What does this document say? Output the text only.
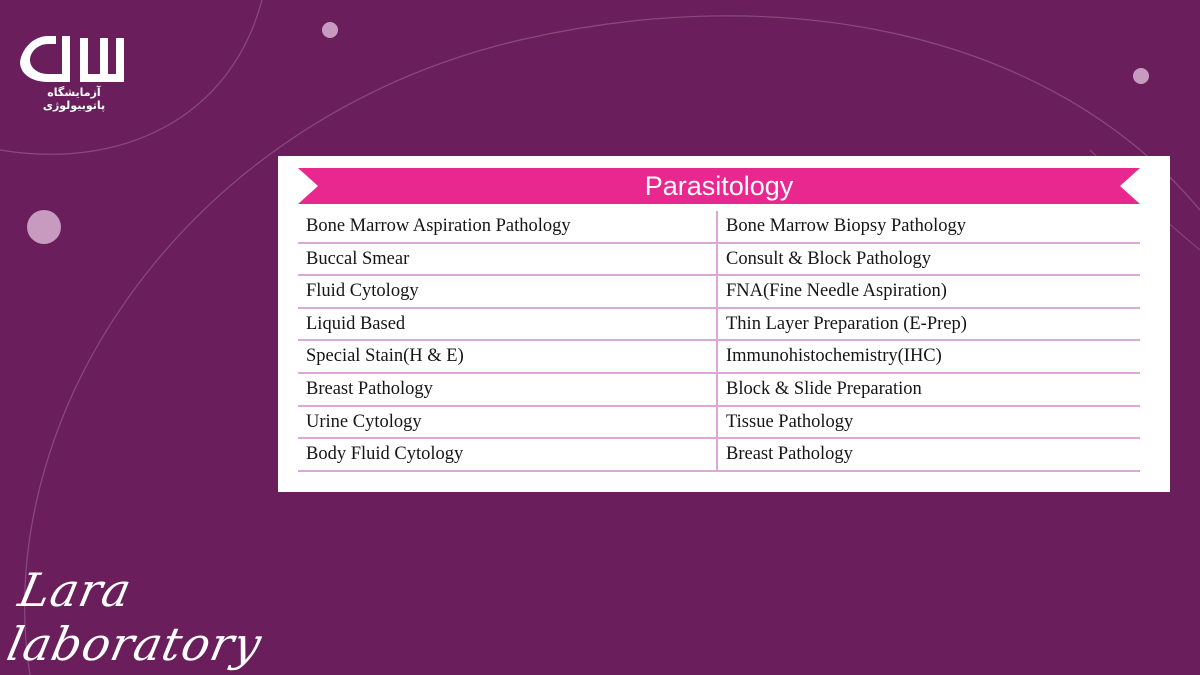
آزمایشگاه پاتوبیولوژی
Parasitology
Bone Marrow Aspiration Pathology	Bone Marrow Biopsy Pathology
Buccal Smear	Consult & Block Pathology
Fluid Cytology	FNA(Fine Needle Aspiration)
Liquid Based	Thin Layer Preparation (E-Prep)
Special Stain(H & E)	Immunohistochemistry(IHC)
Breast Pathology	Block & Slide Preparation
Urine Cytology	Tissue Pathology
Body Fluid Cytology	Breast Pathology
Lara laboratory
